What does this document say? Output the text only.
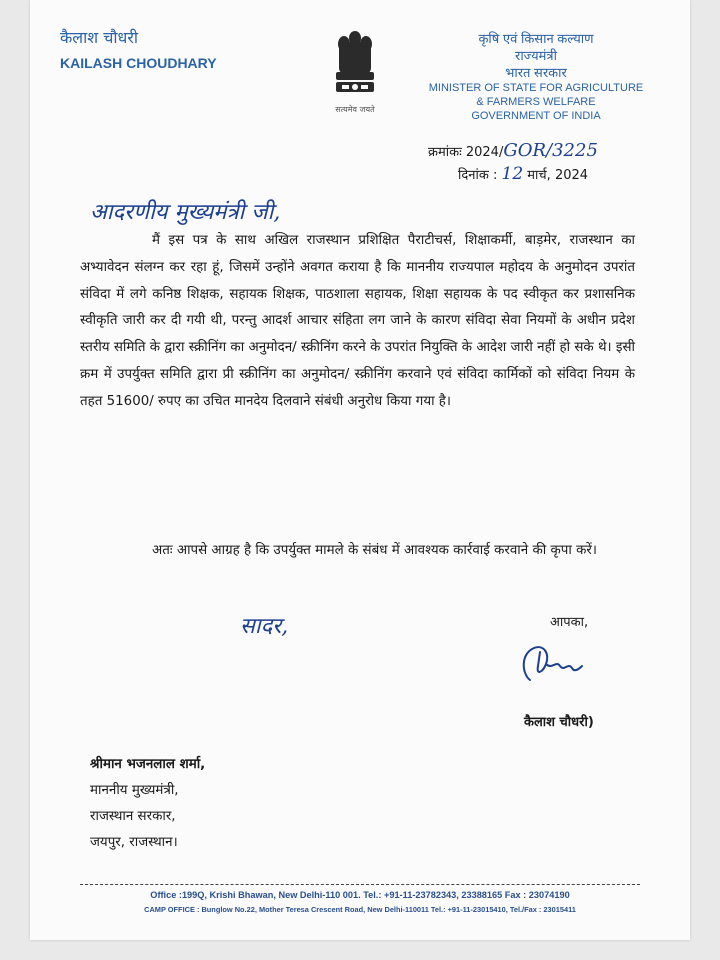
कैलाश चौधरी
KAILASH CHOUDHARY
सत्यमेव जयते
कृषि एवं किसान कल्याण
राज्यमंत्री
भारत सरकार
MINISTER OF STATE FOR AGRICULTURE
& FARMERS WELFARE
GOVERNMENT OF INDIA
क्रमांकः 2024/GOR/3225
दिनांक : 12 मार्च, 2024
आदरणीय मुख्यमंत्री जी,
मैं इस पत्र के साथ अखिल राजस्थान प्रशिक्षित पैराटीचर्स, शिक्षाकर्मी, बाड़मेर, राजस्थान का अभ्यावेदन संलग्न कर रहा हूं, जिसमें उन्होंने अवगत कराया है कि माननीय राज्यपाल महोदय के अनुमोदन उपरांत संविदा में लगे कनिष्ठ शिक्षक, सहायक शिक्षक, पाठशाला सहायक, शिक्षा सहायक के पद स्वीकृत कर प्रशासनिक स्वीकृति जारी कर दी गयी थी, परन्तु आदर्श आचार संहिता लग जाने के कारण संविदा सेवा नियमों के अधीन प्रदेश स्तरीय समिति के द्वारा स्क्रीनिंग का अनुमोदन/ स्क्रीनिंग करने के उपरांत नियुक्ति के आदेश जारी नहीं हो सके थे। इसी क्रम में उपर्युक्त समिति द्वारा प्री स्क्रीनिंग का अनुमोदन/ स्क्रीनिंग करवाने एवं संविदा कार्मिकों को संविदा नियम के तहत 51600/ रुपए का उचित मानदेय दिलवाने संबंधी अनुरोध किया गया है।
अतः आपसे आग्रह है कि उपर्युक्त मामले के संबंध में आवश्यक कार्रवाई करवाने की कृपा करें।
सादर,	आपका,
कैलाश चौधरी)
श्रीमान भजनलाल शर्मा,
माननीय मुख्यमंत्री,
राजस्थान सरकार,
जयपुर, राजस्थान।
Office :199Q, Krishi Bhawan, New Delhi-110 001. Tel.: +91-11-23782343, 23388165 Fax : 23074190
CAMP OFFICE : Bunglow No.22, Mother Teresa Crescent Road, New Delhi-110011 Tel.: +91-11-23015410, Tel./Fax : 23015411
